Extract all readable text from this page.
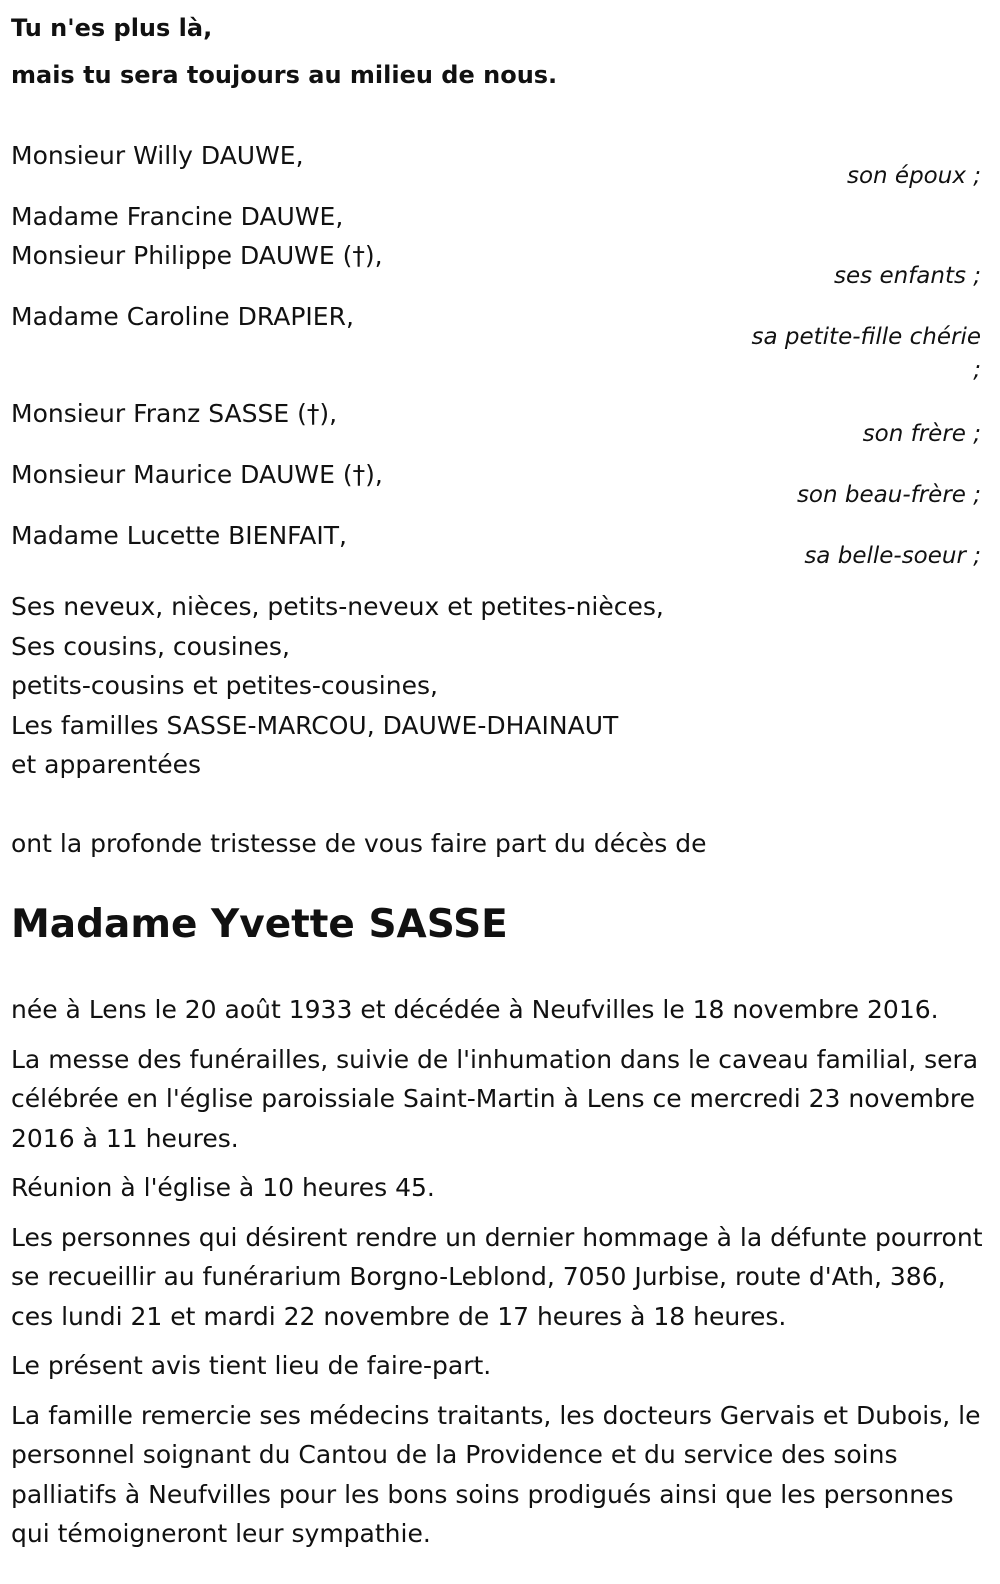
Tu n'es plus là,

mais tu sera toujours au milieu de nous.

Monsieur Willy DAUWE,

son époux ;

Madame Francine DAUWE,

Monsieur Philippe DAUWE (†),

ses enfants ;

Madame Caroline DRAPIER,

sa petite-fille chérie

;

Monsieur Franz SASSE (†),

son frère ;

Monsieur Maurice DAUWE (†),

son beau-frère ;

Madame Lucette BIENFAIT,

sa belle-soeur ;

Ses neveux, nièces, petits-neveux et petites-nièces,

Ses cousins, cousines,

petits-cousins et petites-cousines,

Les familles SASSE-MARCOU, DAUWE-DHAINAUT

et apparentées

ont la profonde tristesse de vous faire part du décès de

Madame Yvette SASSE

née à Lens le 20 août 1933 et décédée à Neufvilles le 18 novembre 2016.

La messe des funérailles, suivie de l'inhumation dans le caveau familial, sera célébrée en l'église paroissiale Saint-Martin à Lens ce mercredi 23 novembre 2016 à 11 heures.

Réunion à l'église à 10 heures 45.

Les personnes qui désirent rendre un dernier hommage à la défunte pourront se recueillir au funérarium Borgno-Leblond, 7050 Jurbise, route d'Ath, 386, ces lundi 21 et mardi 22 novembre de 17 heures à 18 heures.

Le présent avis tient lieu de faire-part.

La famille remercie ses médecins traitants, les docteurs Gervais et Dubois, le personnel soignant du Cantou de la Providence et du service des soins palliatifs à Neufvilles pour les bons soins prodigués ainsi que les personnes qui témoigneront leur sympathie.
